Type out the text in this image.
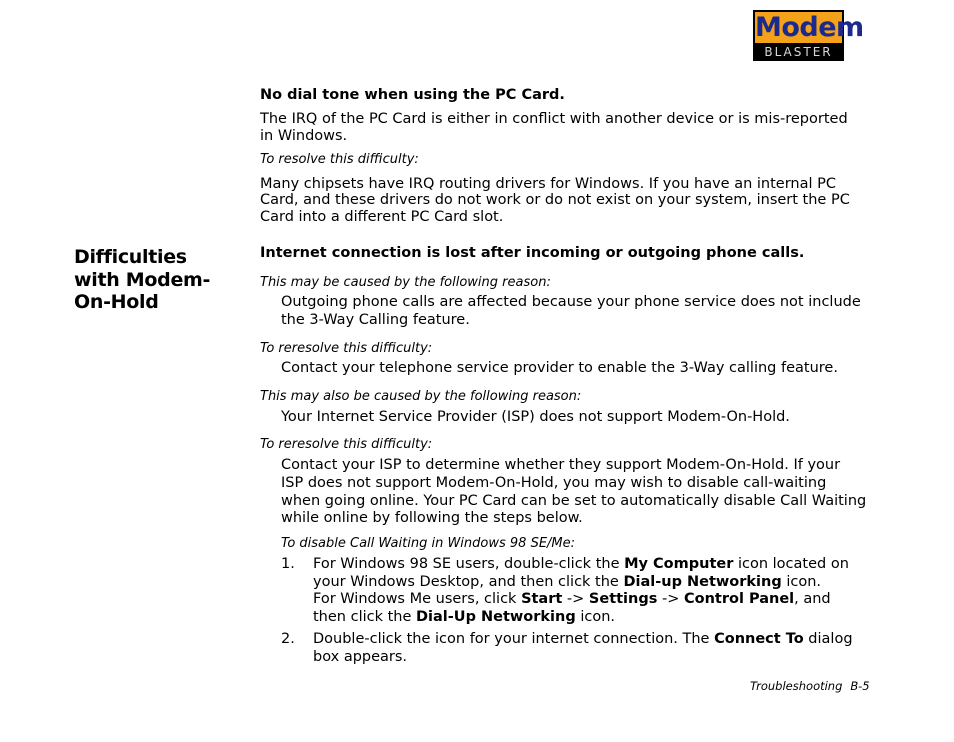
Modem
BLASTER
No dial tone when using the PC Card.
The IRQ of the PC Card is either in conflict with another device or is mis-reported
in Windows.
To resolve this difficulty:
Many chipsets have IRQ routing drivers for Windows. If you have an internal PC
Card, and these drivers do not work or do not exist on your system, insert the PC
Card into a different PC Card slot.
Difficulties
with Modem-
On-Hold
Internet connection is lost after incoming or outgoing phone calls.
This may be caused by the following reason:
Outgoing phone calls are affected because your phone service does not include
the 3-Way Calling feature.
To reresolve this difficulty:
Contact your telephone service provider to enable the 3-Way calling feature.
This may also be caused by the following reason:
Your Internet Service Provider (ISP) does not support Modem-On-Hold.
To reresolve this difficulty:
Contact your ISP to determine whether they support Modem-On-Hold. If your
ISP does not support Modem-On-Hold, you may wish to disable call-waiting
when going online. Your PC Card can be set to automatically disable Call Waiting
while online by following the steps below.
To disable Call Waiting in Windows 98 SE/Me:
1. For Windows 98 SE users, double-click the My Computer icon located on
your Windows Desktop, and then click the Dial-up Networking icon.
For Windows Me users, click Start -> Settings -> Control Panel, and
then click the Dial-Up Networking icon.
2. Double-click the icon for your internet connection. The Connect To dialog
box appears.
Troubleshooting B-5
